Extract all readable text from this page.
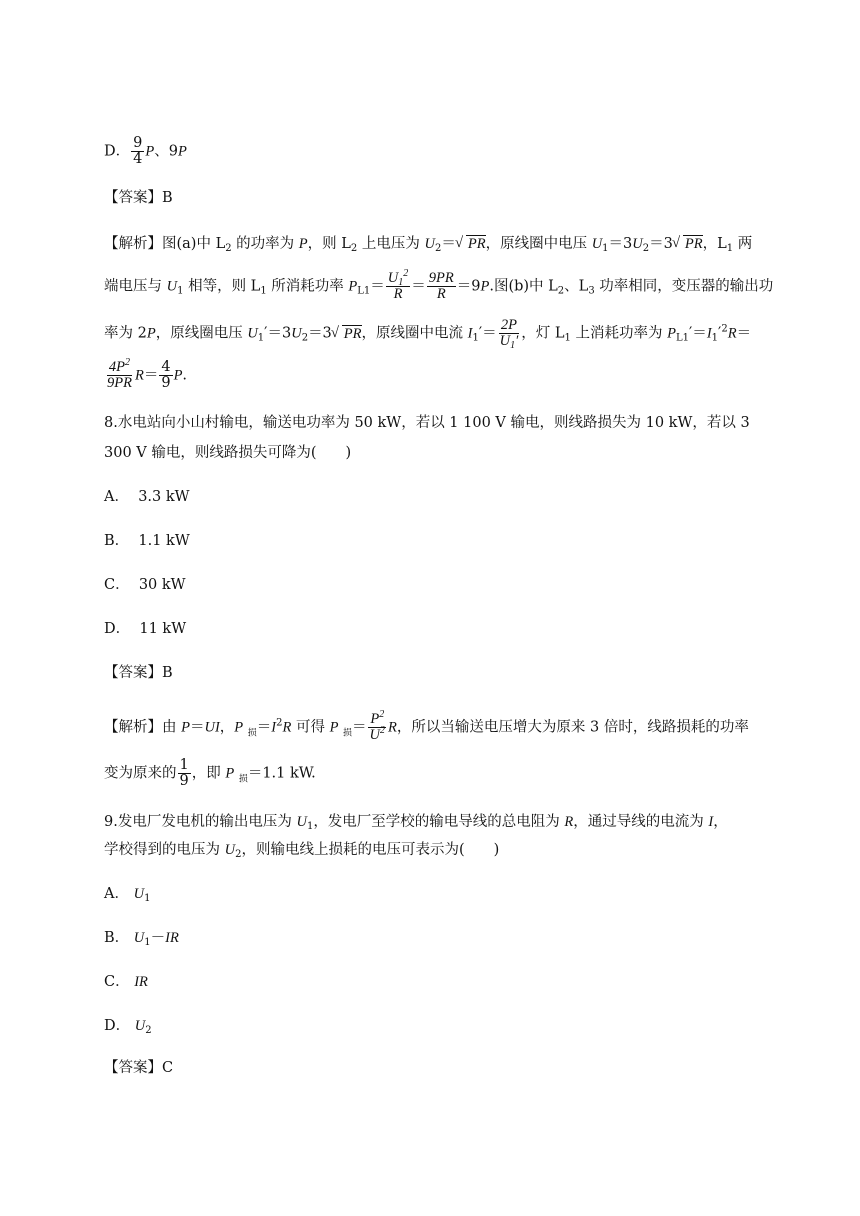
D． $\frac{9}{4}$ P、9P
【答案】B
【解析】图(a)中 $L_2$ 的功率为 P，则 $L_2$ 上电压为 $U_2=√$ PR，原线圈中电压 $U_1=3U_2=3√$ PR，$L_1$ 两
端电压与 $U_1$ 相等，则 $L_1$ 所消耗功率 $P_{L1}= \frac{U_1^2}{R} = \frac{9PR}{R} =9P$.图(b)中 $L_2$、$L_3$ 功率相同，变压器的输出功
率为 2P，原线圈电压 $U_1'=3U_2=3√$ PR，原线圈中电流 $I_1'= \frac{2P}{U_1'}$ ，灯 $L_1$ 上消耗功率为 $P_{L1}'=I_1'^2R=$
$\frac{4P^2}{9PR} R= \frac{4}{9} P$.
8.水电站向小山村输电，输送电功率为 50 kW，若以 1 100 V 输电，则线路损失为 10 kW，若以 3
300 V 输电，则线路损失可降为(　　)
A． 3.3 kW
B． 1.1 kW
C． 30 kW
D． 11 kW
【答案】B
【解析】由 P＝UI，P $_损=I^2R$ 可得 P $_损= \frac{P^2}{U^2}$ R，所以当输送电压增大为原来 3 倍时，线路损耗的功率
变为原来的 $\frac{1}{9}$ ，即 P $_损$＝1.1 kW.
9.发电厂发电机的输出电压为 $U_1$，发电厂至学校的输电导线的总电阻为 R，通过导线的电流为 I，
学校得到的电压为 $U_2$，则输电线上损耗的电压可表示为(　　)
A． $U_1$
B． $U_1-IR$
C． IR
D． $U_2$
【答案】C
